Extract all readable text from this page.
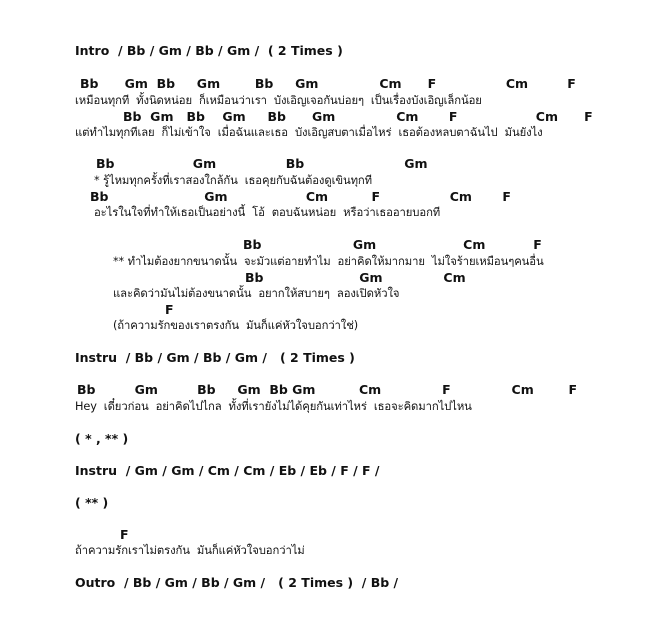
Intro  / Bb / Gm / Bb / Gm /  ( 2 Times )
Bb      Gm  Bb     Gm        Bb     Gm              Cm      F                Cm         F
เหมือนทุกที  ทั้งนิดหน่อย  ก็เหมือนว่าเรา  บังเอิญเจอกันบ่อยๆ  เป็นเรื่องบังเอิญเล็กน้อย
Bb  Gm   Bb    Gm     Bb      Gm              Cm       F                  Cm      F
แต่ทำไมทุกทีเลย  ก็ไม่เข้าใจ  เมื่อฉันและเธอ  บังเอิญสบตาเมื่อไหร่  เธอต้องหลบตาฉันไป  มันยังไง
Bb                  Gm                Bb                       Gm
* รู้ไหมทุกครั้งที่เราสองใกล้กัน  เธอคุยกับฉันต้องดูเขินทุกที
Bb                      Gm                  Cm          F                Cm       F
อะไรในใจที่ทำให้เธอเป็นอย่างนี้  โอ้  ตอบฉันหน่อย  หรือว่าเธออายบอกที
Bb                     Gm                    Cm           F
** ทำไมต้องยากขนาดนั้น  จะมัวแต่อายทำไม  อย่าคิดให้มากมาย  ไม่ใจร้ายเหมือนๆคนอื่น
Bb                      Gm              Cm
และคิดว่ามันไม่ต้องขนาดนั้น  อยากให้สบายๆ  ลองเปิดหัวใจ
F
(ถ้าความรักของเราตรงกัน  มันก็แค่หัวใจบอกว่าใช่)
Instru  / Bb / Gm / Bb / Gm /   ( 2 Times )
Bb         Gm         Bb     Gm  Bb Gm          Cm              F              Cm        F
Hey  เดี๋ยวก่อน  อย่าคิดไปไกล  ทั้งที่เรายังไม่ได้คุยกันเท่าไหร่  เธอจะคิดมากไปไหน
( * , ** )
Instru  / Gm / Gm / Cm / Cm / Eb / Eb / F / F /
( ** )
F
ถ้าความรักเราไม่ตรงกัน  มันก็แค่หัวใจบอกว่าไม่
Outro  / Bb / Gm / Bb / Gm /   ( 2 Times )  / Bb /
